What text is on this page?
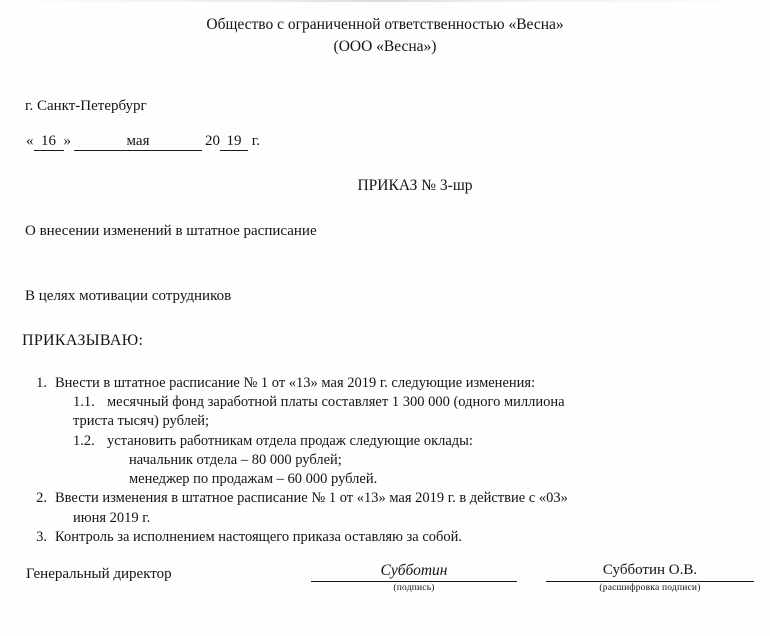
Общество с ограниченной ответственностью «Весна»
(ООО «Весна»)
г. Санкт-Петербург
« 16 »	мая	20 19 г.
ПРИКАЗ № 3-шр
О внесении изменений в штатное расписание
В целях мотивации сотрудников
ПРИКАЗЫВАЮ:
1. Внести в штатное расписание № 1 от «13» мая 2019 г. следующие изменения:
1.1. месячный фонд заработной платы составляет 1 300 000 (одного миллиона
триста тысяч) рублей;
1.2. установить работникам отдела продаж следующие оклады:
начальник отдела – 80 000 рублей;
менеджер по продажам – 60 000 рублей.
2. Ввести изменения в штатное расписание № 1 от «13» мая 2019 г. в действие с «03»
июня 2019 г.
3. Контроль за исполнением настоящего приказа оставляю за собой.
Генеральный директор	Субботин
(подпись)
Субботин О.В.
(расшифровка подписи)
